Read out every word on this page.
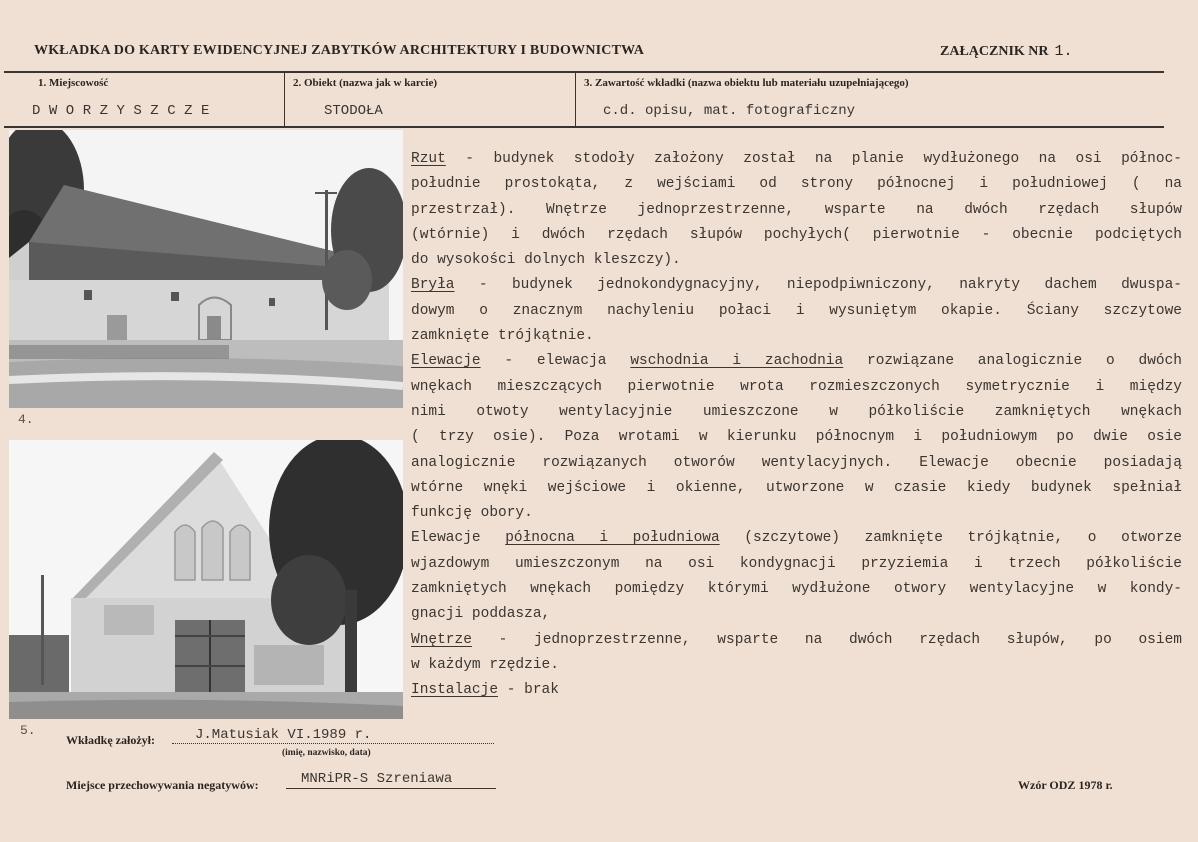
WKŁADKA DO KARTY EWIDENCYJNEJ ZABYTKÓW ARCHITEKTURY I BUDOWNICTWA	ZAŁĄCZNIK NR 1.
1. Miejscowość
DWORZYSZCZE
2. Obiekt (nazwa jak w karcie)
STODOŁA
3. Zawartość wkładki (nazwa obiektu lub materiału uzupełniającego)
c.d. opisu, mat. fotograficzny
4.
5.
Rzut - budynek stodoły założony został na planie wydłużonego na osi północ-
południe prostokąta, z wejściami od strony północnej i południowej ( na
przestrzał). Wnętrze jednoprzestrzenne, wsparte na dwóch rzędach słupów
(wtórnie) i dwóch rzędach słupów pochyłych( pierwotnie - obecnie podciętych
do wysokości dolnych kleszczy).
Bryła - budynek jednokondygnacyjny, niepodpiwniczony, nakryty dachem dwuspa-
dowym o znacznym nachyleniu połaci i wysuniętym okapie. Ściany szczytowe
zamknięte trójkątnie.
Elewacje - elewacja wschodnia i zachodnia rozwiązane analogicznie o dwóch
wnękach mieszczących pierwotnie wrota rozmieszczonych symetrycznie i między
nimi otwoty wentylacyjnie umieszczone w półkoliście zamkniętych wnękach
( trzy osie). Poza wrotami w kierunku północnym i południowym po dwie osie
analogicznie rozwiązanych otworów wentylacyjnych. Elewacje obecnie posiadają
wtórne wnęki wejściowe i okienne, utworzone w czasie kiedy budynek spełniał
funkcję obory.
Elewacje północna i południowa (szczytowe) zamknięte trójkątnie, o otworze
wjazdowym umieszczonym na osi kondygnacji przyziemia i trzech półkoliście
zamkniętych wnękach pomiędzy którymi wydłużone otwory wentylacyjne w kondy-
gnacji poddasza,
Wnętrze - jednoprzestrzenne, wsparte na dwóch rzędach słupów, po osiem
w każdym rzędzie.
Instalacje - brak
Wkładkę założył:	J.Matusiak VI.1989 r.
(imię, nazwisko, data)
Miejsce przechowywania negatywów:	MNRiPR-S Szreniawa	Wzór ODZ 1978 r.
